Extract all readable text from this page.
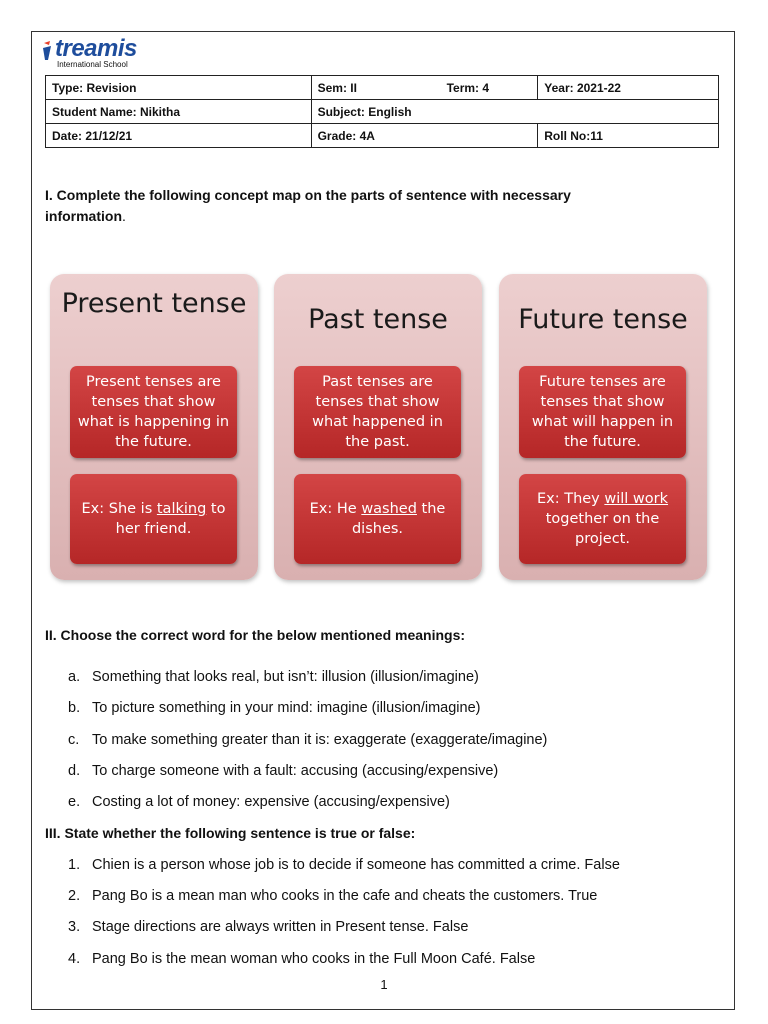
treamis
International School
Type: Revision	Sem: II Term: 4	Year: 2021-22
Student Name: Nikitha	Subject: English	
Date: 21/12/21	Grade: 4A	Roll No:11
I. Complete the following concept map on the parts of sentence with necessary
information.
Present tense
Present tenses are tenses that show what is happening in the future.
Ex: She is talking to her friend.
Past tense
Past tenses are tenses that show what happened in the past.
Ex: He washed the dishes.
Future tense
Future tenses are tenses that show what will happen in the future.
Ex: They will work together on the project.
II. Choose the correct word for the below mentioned meanings:
a. Something that looks real, but isn’t: illusion (illusion/imagine)
b. To picture something in your mind: imagine (illusion/imagine)
c. To make something greater than it is: exaggerate (exaggerate/imagine)
d. To charge someone with a fault: accusing (accusing/expensive)
e. Costing a lot of money: expensive (accusing/expensive)
III. State whether the following sentence is true or false:
1. Chien is a person whose job is to decide if someone has committed a crime. False
2. Pang Bo is a mean man who cooks in the cafe and cheats the customers. True
3. Stage directions are always written in Present tense. False
4. Pang Bo is the mean woman who cooks in the Full Moon Café. False
1
